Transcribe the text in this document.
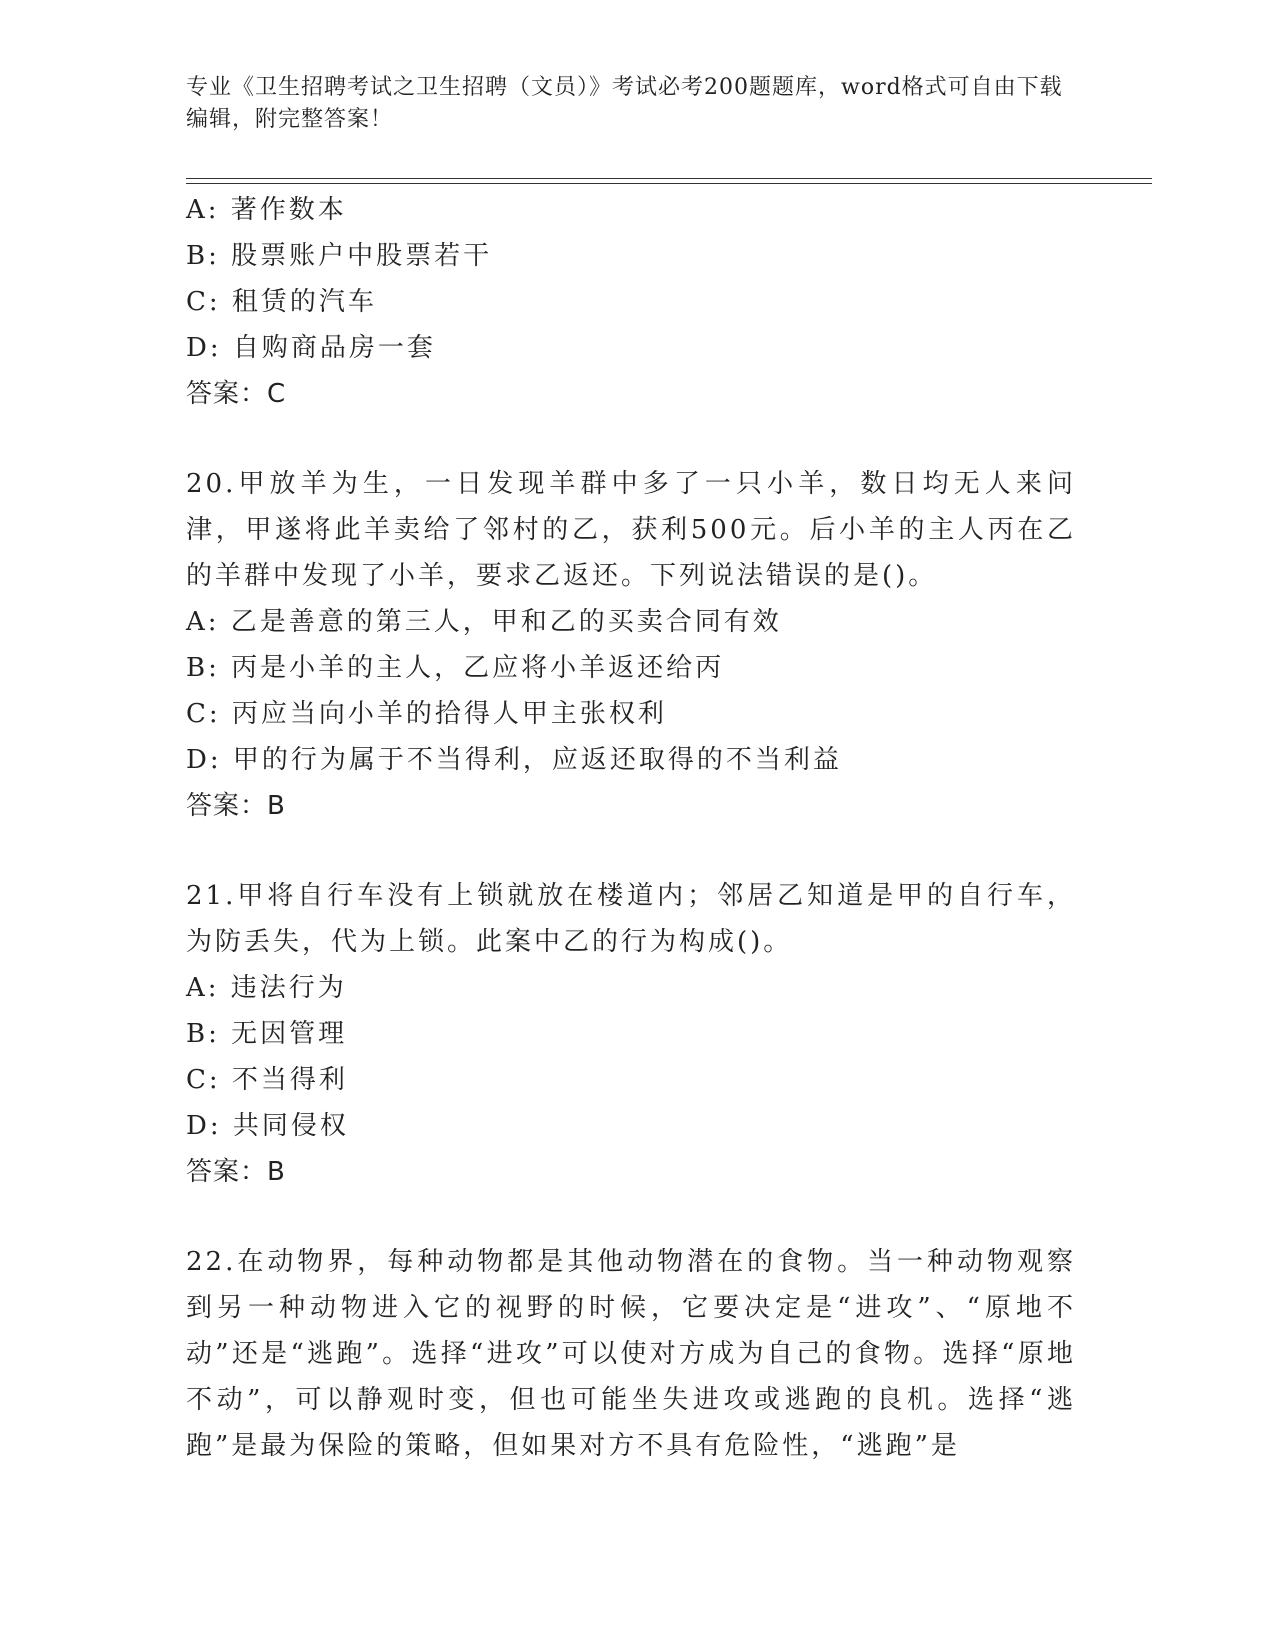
专业《卫生招聘考试之卫生招聘（文员）》考试必考200题题库，word格式可自由下载编辑，附完整答案！
A: 著作数本
B: 股票账户中股票若干
C: 租赁的汽车
D: 自购商品房一套
答案：C
20.甲放羊为生，一日发现羊群中多了一只小羊，数日均无人来问津，甲遂将此羊卖给了邻村的乙，获利500元。后小羊的主人丙在乙的羊群中发现了小羊，要求乙返还。下列说法错误的是()。
A: 乙是善意的第三人，甲和乙的买卖合同有效
B: 丙是小羊的主人，乙应将小羊返还给丙
C: 丙应当向小羊的拾得人甲主张权利
D: 甲的行为属于不当得利，应返还取得的不当利益
答案：B
21.甲将自行车没有上锁就放在楼道内；邻居乙知道是甲的自行车，为防丢失，代为上锁。此案中乙的行为构成()。
A: 违法行为
B: 无因管理
C: 不当得利
D: 共同侵权
答案：B
22.在动物界，每种动物都是其他动物潜在的食物。当一种动物观察到另一种动物进入它的视野的时候，它要决定是“进攻”、“原地不动”还是“逃跑”。选择“进攻”可以使对方成为自己的食物。选择“原地不动”，可以静观时变，但也可能坐失进攻或逃跑的良机。选择“逃跑”是最为保险的策略，但如果对方不具有危险性，“逃跑”是
